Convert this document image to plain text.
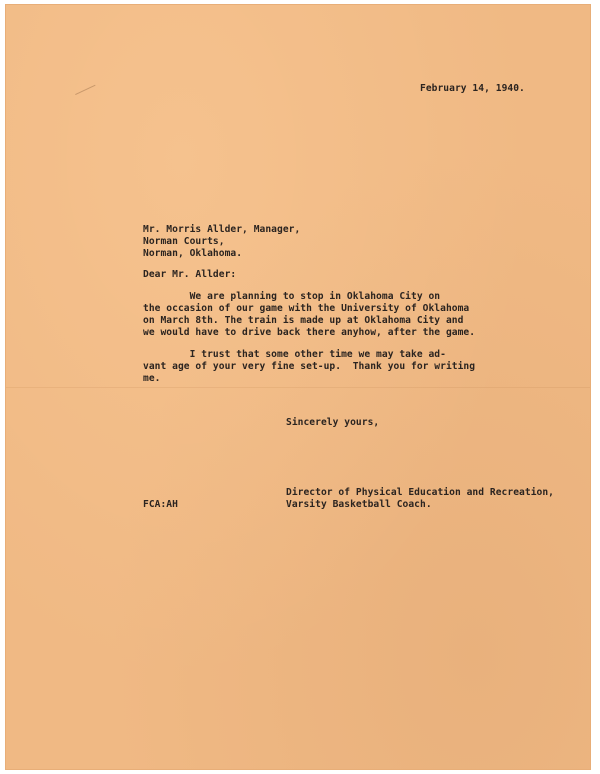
February 14, 1940.
Mr. Morris Allder, Manager,
Norman Courts,
Norman, Oklahoma.
Dear Mr. Allder:
We are planning to stop in Oklahoma City on
the occasion of our game with the University of Oklahoma
on March 8th. The train is made up at Oklahoma City and
we would have to drive back there anyhow, after the game.
I trust that some other time we may take ad-
vant age of your very fine set-up.  Thank you for writing
me.
Sincerely yours,
Director of Physical Education and Recreation,
Varsity Basketball Coach.
FCA:AH
